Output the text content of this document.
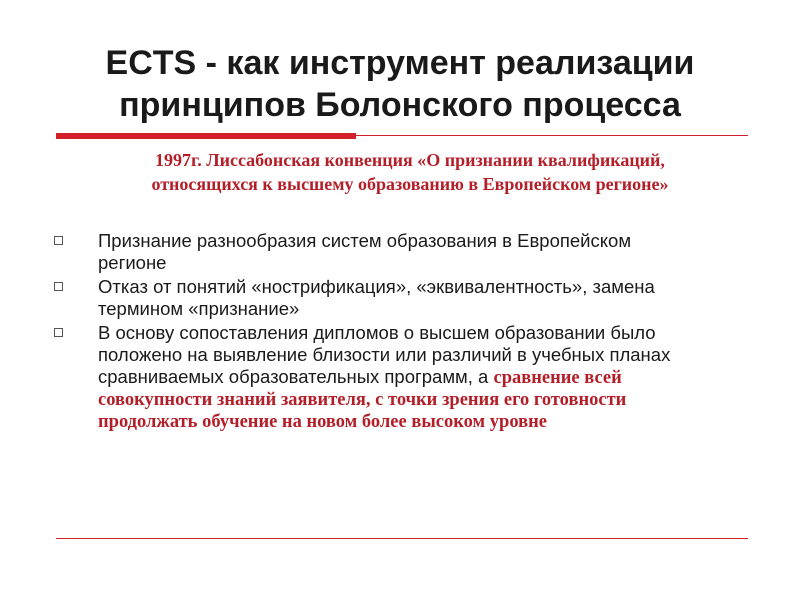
ECTS - как инструмент реализации
принципов Болонского процесса
1997г. Лиссабонская конвенция «О признании квалификаций,
относящихся к высшему образованию в Европейском регионе»
Признание разнообразия систем образования в Европейском
регионе
Отказ от понятий «нострификация», «эквивалентность», замена
термином «признание»
В основу сопоставления дипломов о высшем образовании было
положено на выявление близости или различий в учебных планах
сравниваемых образовательных программ, а сравнение всей
совокупности знаний заявителя, с точки зрения его готовности
продолжать обучение на новом более высоком уровне
